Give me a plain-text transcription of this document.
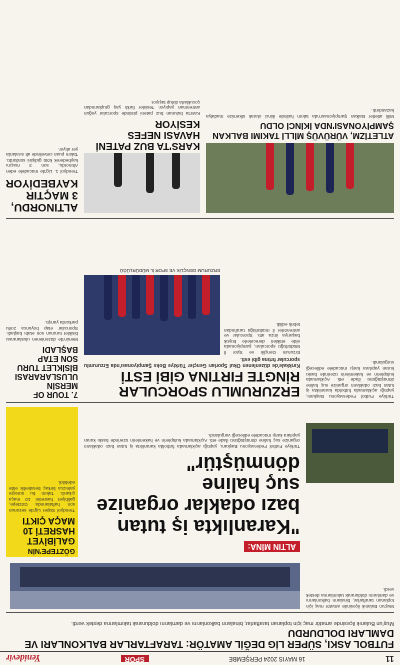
11
16 MAYIS 2024 PERŞEMBE
SPOR
Yenidevir
FUTBOL ASKI, SÜPER LİG DEĞİL AMATÖR: TARAFTARLAR BALKONLARI VE DAMLARI DOLDURDU

Muş'un Bulanık ilçesinde amatör maç için toplanan taraftarlar, binaların balkonlarını ve damlarını doldurarak takımlarına destek verdi.

Muş'un Bulanık ilçesinde amatör maç için toplanan taraftarlar, binaların balkonlarını ve damlarını doldurarak takımlarına destek verdi.

GÖZTEPE'NİN
GALİBİYET HASRETİ 10 MAÇA ÇIKTI
Trendyol Süper Lig'de sezonun son haftalarında Göztepe, galibiyet hasretini 10 maça çıkardı. Takım bu süreçte yalnızca birkaç beraberlik elde edebildi.
ALTIN MİNA:
"Karanlıkta iş tutan bazı odaklar organize suç haline dönmüştür"
Türkiye Futbol Federasyonu Başkanı, yaptığı açıklamada futbolda karanlıkta iş tutan bazı odakların organize suç haline dönüştüğünü ifade etti. Açıklamada kulüplerin ve hakemlerin üzerinde baskı kuran yapılara karşı mücadele edileceği vurgulandı.
7. TOUR OF MERSİN ULUSLARARASI BİSİKLET TURU SON ETAP BAŞLADI
Mersin'de düzenlenen uluslararası bisiklet turunun son etabı başladı. Sporcular etap boyunca zorlu parkurda yarıştı.
ERZURUMLU SPORCULAR RİNGTE FIRTINA GİBİ ESTİ
Kırıkkale'de düzenlenen Okul Sporları Gençler Türkiye Boks Şampiyonası'nda Erzurumlu sporcular fırtına gibi esti.

Erzurum Gençlik ve Spor İl Müdürlüğü sporcuları, şampiyonada elde ettikleri derecelerle büyük başarıya imza attı. Sporcular ve antrenörler il müdürlüğü tarafından tebrik edildi.

ERZURUM GENÇLİK VE SPOR İL MÜDÜRLÜĞÜ

Türkiye Futbol Federasyonu Başkanı, yaptığı açıklamada futbolda karanlıkta iş tutan bazı odakların organize suç haline dönüştüğünü ifade etti. Açıklamada kulüplerin ve hakemlerin üzerinde baskı kuran yapılara karşı mücadele edileceği vurgulandı.

ALTINORDU, 3 MAÇTIR KAYBEDİYOR
Trendyol 1. Lig'de mücadele eden Altınordu, son 3 maçını kaybederek kötü gidişini sürdürdü. Takım puan cetvelinde alt sıralarda yer alıyor.	KARS'TA BUZ PATENİ HAVASI NEFES KESİYOR
Kars'ta bulunan buz pateni pistinde sporcular yoğun antrenman yapıyor. Tesisler farklı yaş gruplarından çocuklarla dolup taşıyor.
ATLETİZM, VÜRÜVÜŞ MİLLİ TAKIMI BALKAN ŞAMPİYONASI'NDA İKİNCİ OLDU
Milli atletler Balkan Şampiyonası'nda takım halinde ikinci olarak ülkemize madalya kazandırdı.
